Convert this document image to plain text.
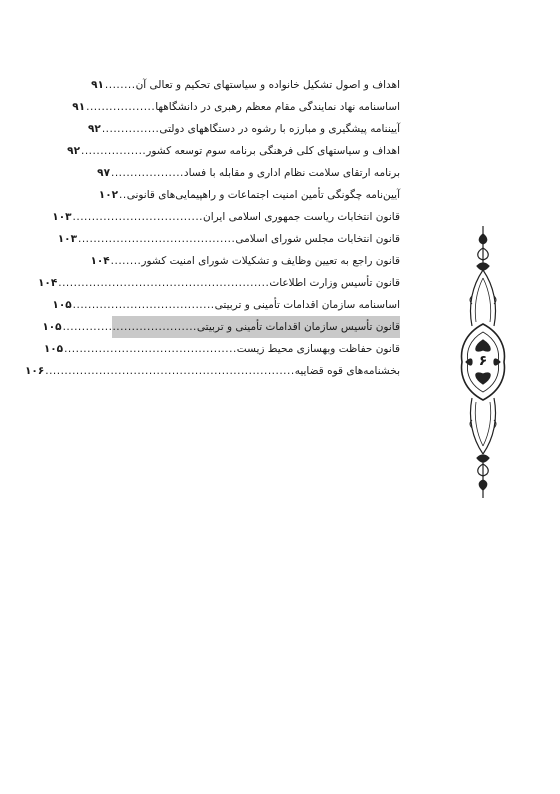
اهداف و اصول تشکیل خانواده و سیاستهای تحکیم و تعالی آن
........
۹۱
اساسنامه نهاد نمایندگی مقام معظم رهبری در دانشگاهها
..................
۹۱
آییننامه پیشگیری و مبارزه با رشوه در دستگاههای دولتی
...............
۹۲
اهداف و سیاستهای کلی فرهنگی برنامه سوم توسعه کشور
.................
۹۲
برنامه ارتقای سلامت نظام اداری و مقابله با فساد
...................
۹۷
آیین‌نامه چگونگی تأمین امنیت اجتماعات و راهپیمایی‌های قانونی
..
۱۰۲
قانون انتخابات ریاست جمهوری اسلامی ایران
..................................
۱۰۳
قانون انتخابات مجلس شورای اسلامی
.........................................
۱۰۳
قانون راجع به تعیین وظایف و تشکیلات شورای امنیت کشور
........
۱۰۴
قانون تأسیس وزارت اطلاعات
.......................................................
۱۰۴
اساسنامه سازمان اقدامات تأمینی و تربیتی
.....................................
۱۰۵
قانون تأسیس سازمان اقدامات تأمینی و تربیتی
...................................
۱۰۵
قانون حفاظت وبهسازی محیط زیست
.............................................
۱۰۵
بخشنامه‌های قوه قضاییه
.................................................................
۱۰۶
۶
